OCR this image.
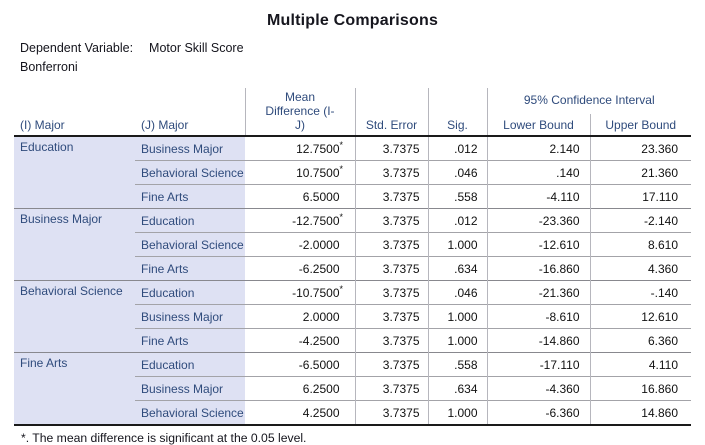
Multiple Comparisons
Dependent Variable: Motor Skill Score
Bonferroni
(I) Major	(J) Major	Mean Difference (I-J)	Std. Error	Sig.	95% Confidence Interval	
					Lower Bound	Upper Bound
Education	Business Major	12.7500*	3.7375	.012	2.140	23.360
	Behavioral Science	10.7500*	3.7375	.046	.140	21.360
	Fine Arts	6.5000	3.7375	.558	-4.110	17.110
Business Major	Education	-12.7500*	3.7375	.012	-23.360	-2.140
	Behavioral Science	-2.0000	3.7375	1.000	-12.610	8.610
	Fine Arts	-6.2500	3.7375	.634	-16.860	4.360
Behavioral Science	Education	-10.7500*	3.7375	.046	-21.360	-.140
	Business Major	2.0000	3.7375	1.000	-8.610	12.610
	Fine Arts	-4.2500	3.7375	1.000	-14.860	6.360
Fine Arts	Education	-6.5000	3.7375	.558	-17.110	4.110
	Business Major	6.2500	3.7375	.634	-4.360	16.860
	Behavioral Science	4.2500	3.7375	1.000	-6.360	14.860
*. The mean difference is significant at the 0.05 level.
